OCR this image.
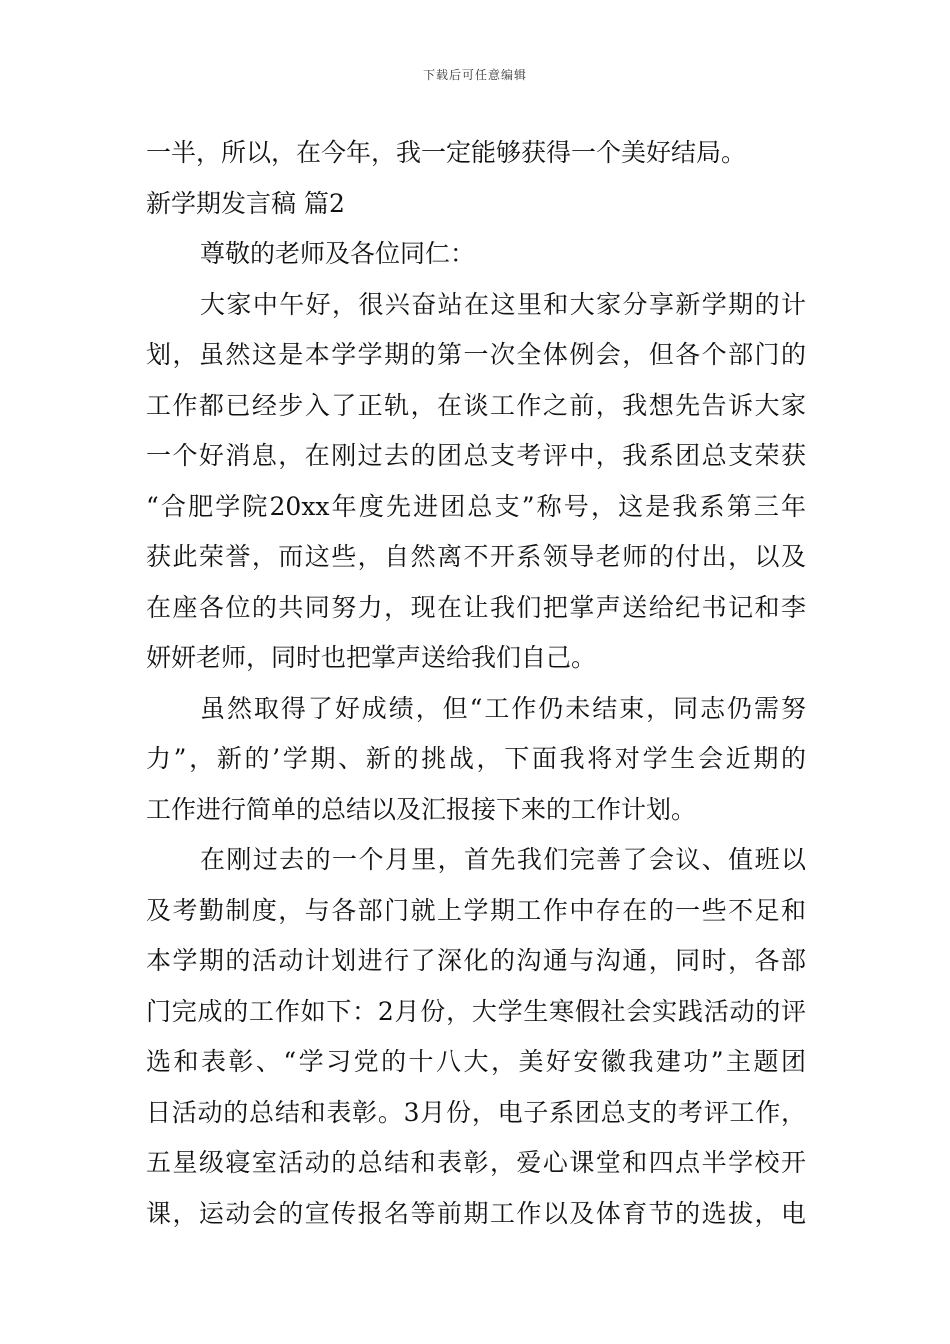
下载后可任意编辑
一半，所以，在今年，我一定能够获得一个美好结局。
新学期发言稿 篇2
尊敬的老师及各位同仁：
大家中午好，很兴奋站在这里和大家分享新学期的计
划，虽然这是本学学期的第一次全体例会，但各个部门的
工作都已经步入了正轨，在谈工作之前，我想先告诉大家
一个好消息，在刚过去的团总支考评中，我系团总支荣获
“合肥学院20xx年度先进团总支”称号，这是我系第三年
获此荣誉，而这些，自然离不开系领导老师的付出，以及
在座各位的共同努力，现在让我们把掌声送给纪书记和李
妍妍老师，同时也把掌声送给我们自己。
虽然取得了好成绩，但“工作仍未结束，同志仍需努
力”，新的’学期、新的挑战，下面我将对学生会近期的
工作进行简单的总结以及汇报接下来的工作计划。
在刚过去的一个月里，首先我们完善了会议、值班以
及考勤制度，与各部门就上学期工作中存在的一些不足和
本学期的活动计划进行了深化的沟通与沟通，同时，各部
门完成的工作如下：2月份，大学生寒假社会实践活动的评
选和表彰、“学习党的十八大，美好安徽我建功”主题团
日活动的总结和表彰。3月份，电子系团总支的考评工作，
五星级寝室活动的总结和表彰，爱心课堂和四点半学校开
课，运动会的宣传报名等前期工作以及体育节的选拔，电
